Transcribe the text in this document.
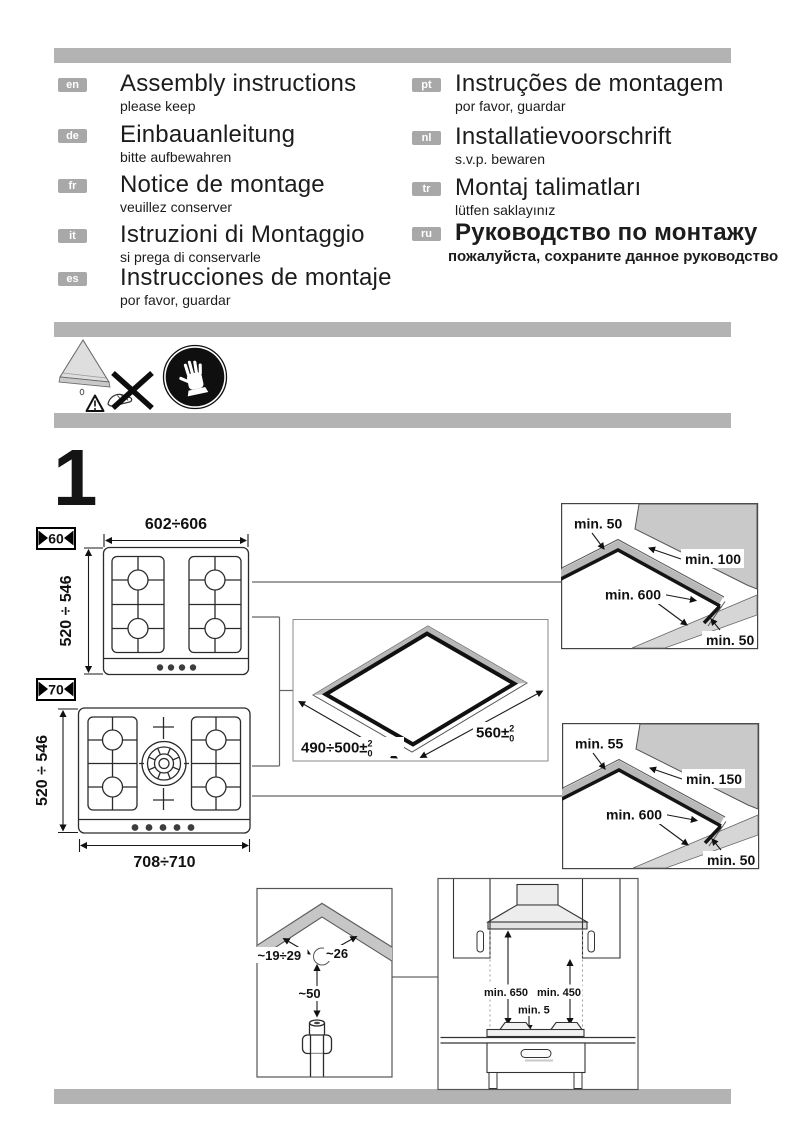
en	Assembly instructions
please keep
de	Einbauanleitung
bitte aufbewahren
fr	Notice de montage
veuillez conserver
it	Istruzioni di Montaggio
si prega di conservarle
es	Instrucciones de montaje
por favor, guardar
pt Instruções de montagem
por favor, guardar
nl Installatievoorschrift
s.v.p. bewaren
tr	Montaj talimatları
lütfen saklayınız
ru Руководство по монтажу
пожалуйста, сохраните данное руководство
1
602÷606
520 ÷ 546
60
708÷710
520 ÷ 546
70
490÷500±$^2$ 0
560±$^2$ 0
min. 50
min. 100
min. 600
min. 50
min. 55
min. 150
min. 600
min. 50
~19÷29 ~26
~50	min. 650 min. 450
min. 5
